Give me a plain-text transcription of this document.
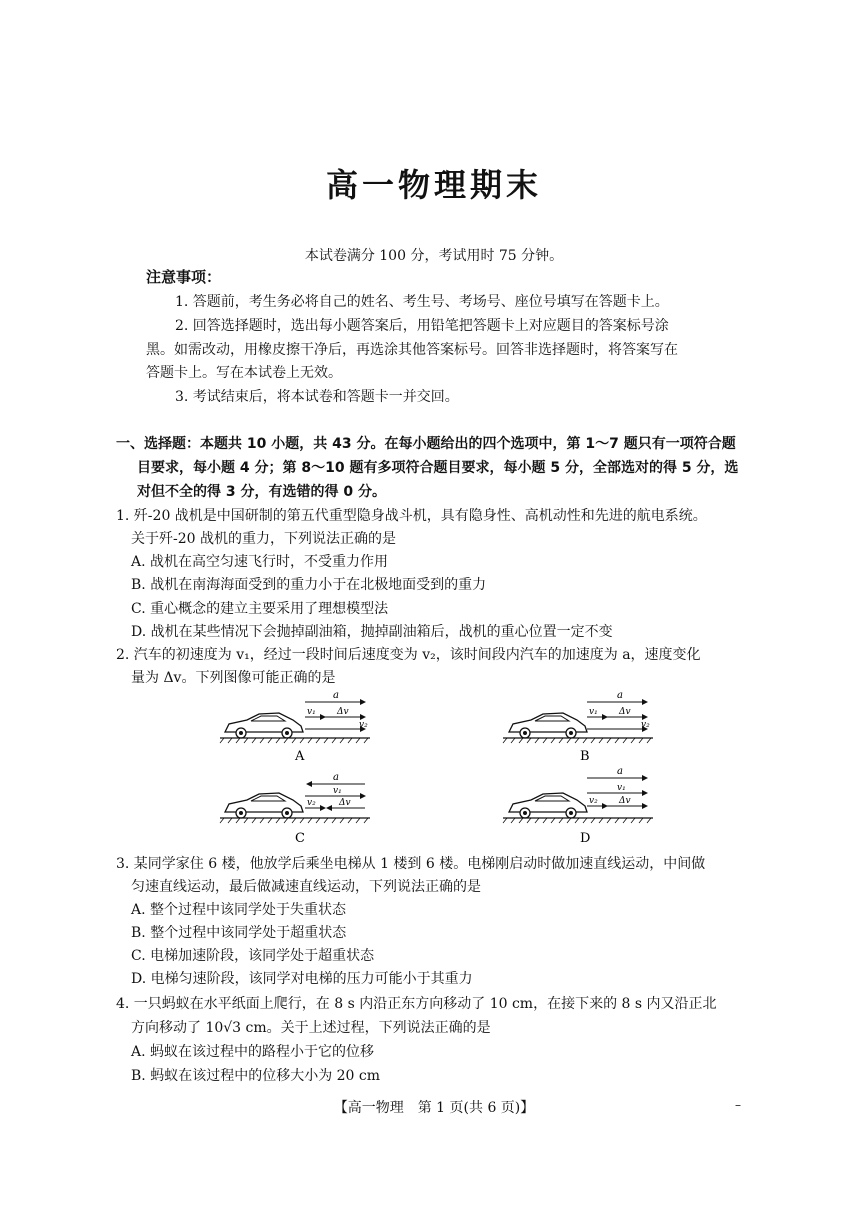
高一物理期末
本试卷满分 100 分，考试用时 75 分钟。
注意事项：
1. 答题前，考生务必将自己的姓名、考生号、考场号、座位号填写在答题卡上。
2. 回答选择题时，选出每小题答案后，用铅笔把答题卡上对应题目的答案标号涂
黑。如需改动，用橡皮擦干净后，再选涂其他答案标号。回答非选择题时，将答案写在
答题卡上。写在本试卷上无效。
3. 考试结束后，将本试卷和答题卡一并交回。
一、选择题：本题共 10 小题，共 43 分。在每小题给出的四个选项中，第 1～7 题只有一项符合题
目要求，每小题 4 分；第 8～10 题有多项符合题目要求，每小题 5 分，全部选对的得 5 分，选
对但不全的得 3 分，有选错的得 0 分。
1. 歼-20 战机是中国研制的第五代重型隐身战斗机，具有隐身性、高机动性和先进的航电系统。
关于歼-20 战机的重力，下列说法正确的是
A. 战机在高空匀速飞行时，不受重力作用
B. 战机在南海海面受到的重力小于在北极地面受到的重力
C. 重心概念的建立主要采用了理想模型法
D. 战机在某些情况下会抛掉副油箱，抛掉副油箱后，战机的重心位置一定不变
2. 汽车的初速度为 v₁，经过一段时间后速度变为 v₂，该时间段内汽车的加速度为 a，速度变化
量为 Δv。下列图像可能正确的是
a
v₁ Δv
v₂
A
a
v₁ Δv
v₂
B
a
v₁
v₂	Δv
C
a
v₁
v₂ Δv
D
3. 某同学家住 6 楼，他放学后乘坐电梯从 1 楼到 6 楼。电梯刚启动时做加速直线运动，中间做
匀速直线运动，最后做减速直线运动，下列说法正确的是
A. 整个过程中该同学处于失重状态
B. 整个过程中该同学处于超重状态
C. 电梯加速阶段，该同学处于超重状态
D. 电梯匀速阶段，该同学对电梯的压力可能小于其重力
4. 一只蚂蚁在水平纸面上爬行，在 8 s 内沿正东方向移动了 10 cm，在接下来的 8 s 内又沿正北
方向移动了 10√3 cm。关于上述过程，下列说法正确的是
A. 蚂蚁在该过程中的路程小于它的位移
B. 蚂蚁在该过程中的位移大小为 20 cm
【高一物理　第 1 页(共 6 页)】	–
